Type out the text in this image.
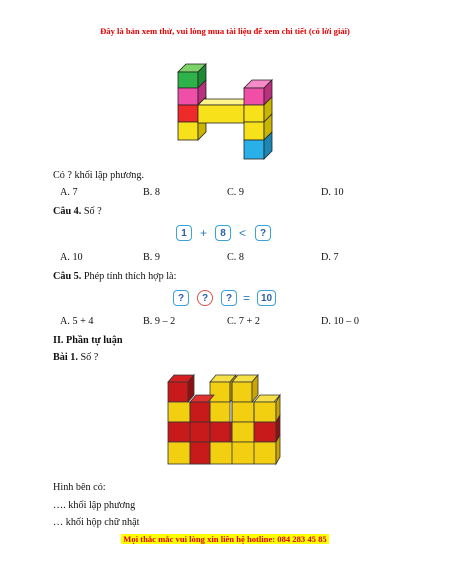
Đây là bản xem thử, vui lòng mua tài liệu để xem chi tiết (có lời giải)
Có ? khối lập phương.
A. 7	B. 8	C. 9	D. 10
Câu 4. Số ?
1	+	8	<	?
A. 10	B. 9	C. 8	D. 7
Câu 5. Phép tính thích hợp là:
?	?	? =	10
A. 5 + 4	B. 9 – 2	C. 7 + 2	D. 10 – 0
II. Phần tự luận
Bài 1. Số ?
Hình bên có:
…. khối lập phương
… khối hộp chữ nhật
Mọi thắc mắc vui lòng xin liên hệ hotline: 084 283 45 85
